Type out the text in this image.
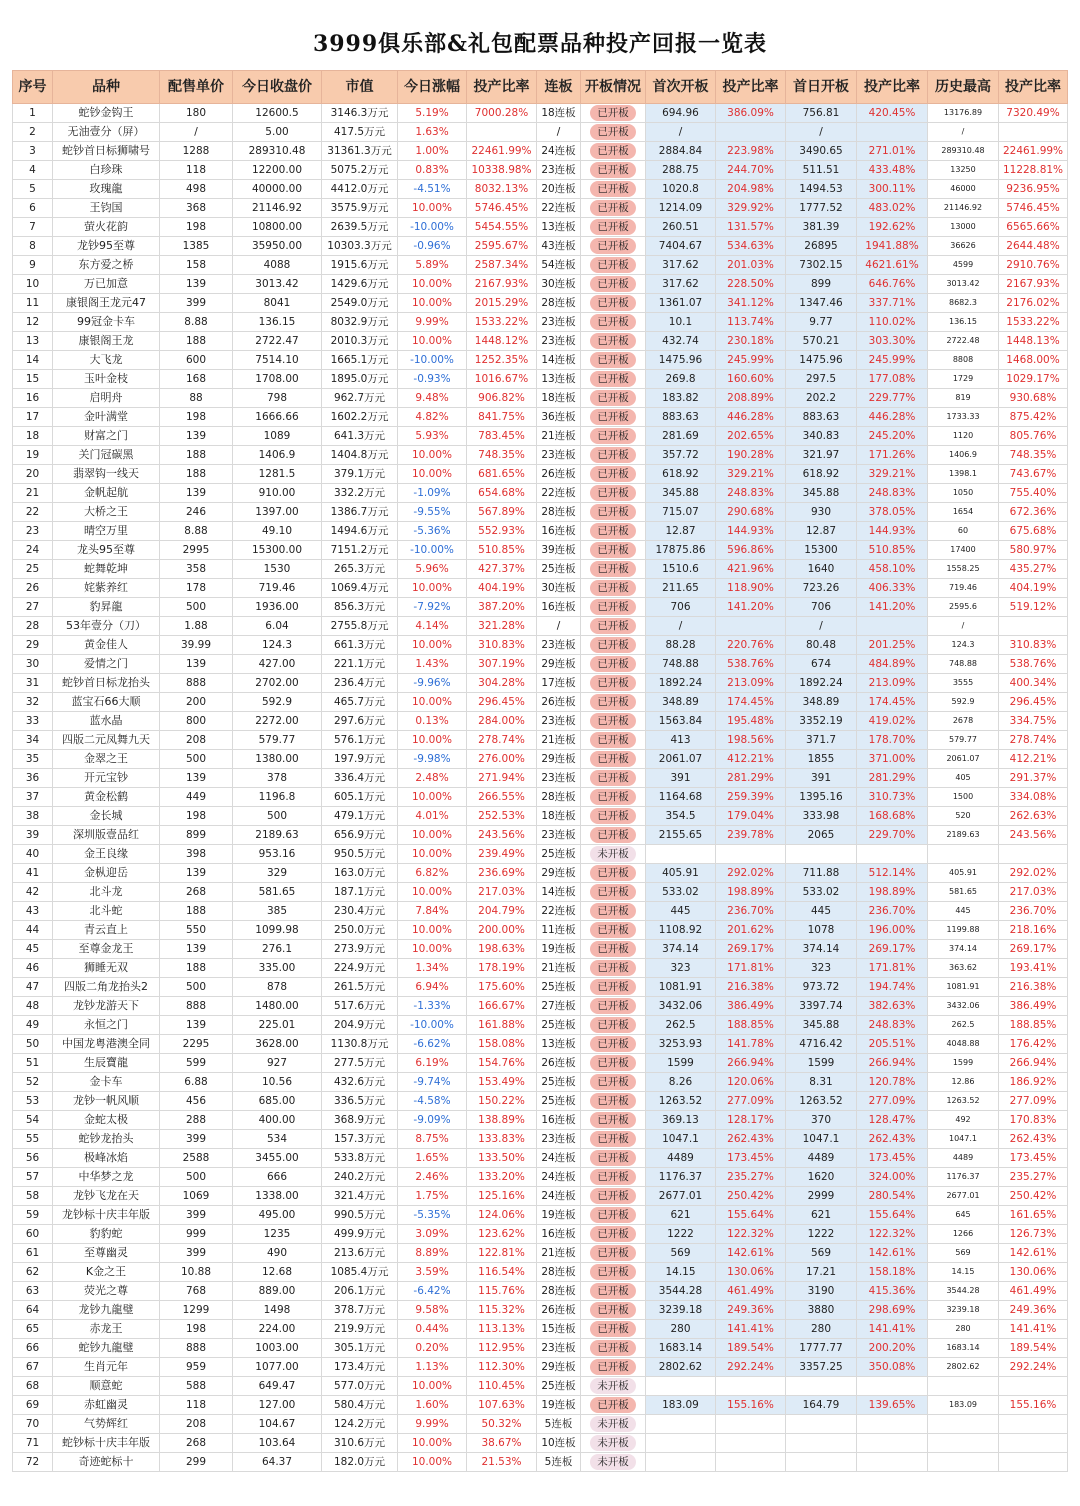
3999俱乐部&礼包配票品种投产回报一览表
序号	品种	配售单价	今日收盘价	市值	今日涨幅	投产比率	连板	开板情况	首次开板	投产比率	首日开板	投产比率	历史最高	投产比率
1	蛇钞金钩王	180	12600.5	3146.3万元	5.19%	7000.28%	18连板	已开板	694.96	386.09%	756.81	420.45%	13176.89	7320.49%
2	无油壹分（屏）	/	5.00	417.5万元	1.63%		/	已开板	/		/		/	
3	蛇钞首日标狮啸号	1288	289310.48	31361.3万元	1.00%	22461.99%	24连板	已开板	2884.84	223.98%	3490.65	271.01%	289310.48	22461.99%
4	白珍珠	118	12200.00	5075.2万元	0.83%	10338.98%	23连板	已开板	288.75	244.70%	511.51	433.48%	13250	11228.81%
5	玫瑰龍	498	40000.00	4412.0万元	-4.51%	8032.13%	20连板	已开板	1020.8	204.98%	1494.53	300.11%	46000	9236.95%
6	王钧国	368	21146.92	3575.9万元	10.00%	5746.45%	22连板	已开板	1214.09	329.92%	1777.52	483.02%	21146.92	5746.45%
7	萤火花韵	198	10800.00	2639.5万元	-10.00%	5454.55%	13连板	已开板	260.51	131.57%	381.39	192.62%	13000	6565.66%
8	龙钞95至尊	1385	35950.00	10303.3万元	-0.96%	2595.67%	43连板	已开板	7404.67	534.63%	26895	1941.88%	36626	2644.48%
9	东方爱之桥	158	4088	1915.6万元	5.89%	2587.34%	54连板	已开板	317.62	201.03%	7302.15	4621.61%	4599	2910.76%
10	万已加意	139	3013.42	1429.6万元	10.00%	2167.93%	30连板	已开板	317.62	228.50%	899	646.76%	3013.42	2167.93%
11	康银阁王龙元47	399	8041	2549.0万元	10.00%	2015.29%	28连板	已开板	1361.07	341.12%	1347.46	337.71%	8682.3	2176.02%
12	99冠金卡车	8.88	136.15	8032.9万元	9.99%	1533.22%	23连板	已开板	10.1	113.74%	9.77	110.02%	136.15	1533.22%
13	康银阁王龙	188	2722.47	2010.3万元	10.00%	1448.12%	23连板	已开板	432.74	230.18%	570.21	303.30%	2722.48	1448.13%
14	大飞龙	600	7514.10	1665.1万元	-10.00%	1252.35%	14连板	已开板	1475.96	245.99%	1475.96	245.99%	8808	1468.00%
15	玉叶金枝	168	1708.00	1895.0万元	-0.93%	1016.67%	13连板	已开板	269.8	160.60%	297.5	177.08%	1729	1029.17%
16	启明舟	88	798	962.7万元	9.48%	906.82%	18连板	已开板	183.82	208.89%	202.2	229.77%	819	930.68%
17	金叶满堂	198	1666.66	1602.2万元	4.82%	841.75%	36连板	已开板	883.63	446.28%	883.63	446.28%	1733.33	875.42%
18	财富之门	139	1089	641.3万元	5.93%	783.45%	21连板	已开板	281.69	202.65%	340.83	245.20%	1120	805.76%
19	关门冠碳黑	188	1406.9	1404.8万元	10.00%	748.35%	23连板	已开板	357.72	190.28%	321.97	171.26%	1406.9	748.35%
20	翡翠钩一线天	188	1281.5	379.1万元	10.00%	681.65%	26连板	已开板	618.92	329.21%	618.92	329.21%	1398.1	743.67%
21	金帆起航	139	910.00	332.2万元	-1.09%	654.68%	22连板	已开板	345.88	248.83%	345.88	248.83%	1050	755.40%
22	大桥之王	246	1397.00	1386.7万元	-9.55%	567.89%	28连板	已开板	715.07	290.68%	930	378.05%	1654	672.36%
23	晴空万里	8.88	49.10	1494.6万元	-5.36%	552.93%	16连板	已开板	12.87	144.93%	12.87	144.93%	60	675.68%
24	龙头95至尊	2995	15300.00	7151.2万元	-10.00%	510.85%	39连板	已开板	17875.86	596.86%	15300	510.85%	17400	580.97%
25	蛇舞乾坤	358	1530	265.3万元	5.96%	427.37%	25连板	已开板	1510.6	421.96%	1640	458.10%	1558.25	435.27%
26	姹紫养红	178	719.46	1069.4万元	10.00%	404.19%	30连板	已开板	211.65	118.90%	723.26	406.33%	719.46	404.19%
27	豹昇龍	500	1936.00	856.3万元	-7.92%	387.20%	16连板	已开板	706	141.20%	706	141.20%	2595.6	519.12%
28	53年壹分（刀）	1.88	6.04	2755.8万元	4.14%	321.28%	/	已开板	/		/		/	
29	黄金佳人	39.99	124.3	661.3万元	10.00%	310.83%	23连板	已开板	88.28	220.76%	80.48	201.25%	124.3	310.83%
30	爱情之门	139	427.00	221.1万元	1.43%	307.19%	29连板	已开板	748.88	538.76%	674	484.89%	748.88	538.76%
31	蛇钞首日标龙抬头	888	2702.00	236.4万元	-9.96%	304.28%	17连板	已开板	1892.24	213.09%	1892.24	213.09%	3555	400.34%
32	蓝宝石66大顺	200	592.9	465.7万元	10.00%	296.45%	26连板	已开板	348.89	174.45%	348.89	174.45%	592.9	296.45%
33	蓝水晶	800	2272.00	297.6万元	0.13%	284.00%	23连板	已开板	1563.84	195.48%	3352.19	419.02%	2678	334.75%
34	四版二元凤舞九天	208	579.77	576.1万元	10.00%	278.74%	21连板	已开板	413	198.56%	371.7	178.70%	579.77	278.74%
35	金翠之王	500	1380.00	197.9万元	-9.98%	276.00%	29连板	已开板	2061.07	412.21%	1855	371.00%	2061.07	412.21%
36	开元宝钞	139	378	336.4万元	2.48%	271.94%	23连板	已开板	391	281.29%	391	281.29%	405	291.37%
37	黄金松鹤	449	1196.8	605.1万元	10.00%	266.55%	28连板	已开板	1164.68	259.39%	1395.16	310.73%	1500	334.08%
38	金长城	198	500	479.1万元	4.01%	252.53%	18连板	已开板	354.5	179.04%	333.98	168.68%	520	262.63%
39	深圳版壹品红	899	2189.63	656.9万元	10.00%	243.56%	23连板	已开板	2155.65	239.78%	2065	229.70%	2189.63	243.56%
40	金王良缘	398	953.16	950.5万元	10.00%	239.49%	25连板	未开板						
41	金枞迎岳	139	329	163.0万元	6.82%	236.69%	29连板	已开板	405.91	292.02%	711.88	512.14%	405.91	292.02%
42	北斗龙	268	581.65	187.1万元	10.00%	217.03%	14连板	已开板	533.02	198.89%	533.02	198.89%	581.65	217.03%
43	北斗蛇	188	385	230.4万元	7.84%	204.79%	22连板	已开板	445	236.70%	445	236.70%	445	236.70%
44	青云直上	550	1099.98	250.0万元	10.00%	200.00%	11连板	已开板	1108.92	201.62%	1078	196.00%	1199.88	218.16%
45	至尊金龙王	139	276.1	273.9万元	10.00%	198.63%	19连板	已开板	374.14	269.17%	374.14	269.17%	374.14	269.17%
46	狮睡无双	188	335.00	224.9万元	1.34%	178.19%	21连板	已开板	323	171.81%	323	171.81%	363.62	193.41%
47	四版二角龙抬头2	500	878	261.5万元	6.94%	175.60%	25连板	已开板	1081.91	216.38%	973.72	194.74%	1081.91	216.38%
48	龙钞龙游天下	888	1480.00	517.6万元	-1.33%	166.67%	27连板	已开板	3432.06	386.49%	3397.74	382.63%	3432.06	386.49%
49	永恒之门	139	225.01	204.9万元	-10.00%	161.88%	25连板	已开板	262.5	188.85%	345.88	248.83%	262.5	188.85%
50	中国龙粤港澳全同	2295	3628.00	1130.8万元	-6.62%	158.08%	13连板	已开板	3253.93	141.78%	4716.42	205.51%	4048.88	176.42%
51	生辰寶龍	599	927	277.5万元	6.19%	154.76%	26连板	已开板	1599	266.94%	1599	266.94%	1599	266.94%
52	金卡车	6.88	10.56	432.6万元	-9.74%	153.49%	25连板	已开板	8.26	120.06%	8.31	120.78%	12.86	186.92%
53	龙钞一帆风顺	456	685.00	336.5万元	-4.58%	150.22%	25连板	已开板	1263.52	277.09%	1263.52	277.09%	1263.52	277.09%
54	金蛇太极	288	400.00	368.9万元	-9.09%	138.89%	16连板	已开板	369.13	128.17%	370	128.47%	492	170.83%
55	蛇钞龙抬头	399	534	157.3万元	8.75%	133.83%	23连板	已开板	1047.1	262.43%	1047.1	262.43%	1047.1	262.43%
56	极峰冰焰	2588	3455.00	533.8万元	1.65%	133.50%	24连板	已开板	4489	173.45%	4489	173.45%	4489	173.45%
57	中华梦之龙	500	666	240.2万元	2.46%	133.20%	24连板	已开板	1176.37	235.27%	1620	324.00%	1176.37	235.27%
58	龙钞飞龙在天	1069	1338.00	321.4万元	1.75%	125.16%	24连板	已开板	2677.01	250.42%	2999	280.54%	2677.01	250.42%
59	龙钞标十庆丰年版	399	495.00	990.5万元	-5.35%	124.06%	19连板	已开板	621	155.64%	621	155.64%	645	161.65%
60	豹豹蛇	999	1235	499.9万元	3.09%	123.62%	16连板	已开板	1222	122.32%	1222	122.32%	1266	126.73%
61	至尊幽灵	399	490	213.6万元	8.89%	122.81%	21连板	已开板	569	142.61%	569	142.61%	569	142.61%
62	K金之王	10.88	12.68	1085.4万元	3.59%	116.54%	28连板	已开板	14.15	130.06%	17.21	158.18%	14.15	130.06%
63	荧光之尊	768	889.00	206.1万元	-6.42%	115.76%	28连板	已开板	3544.28	461.49%	3190	415.36%	3544.28	461.49%
64	龙钞九龍璧	1299	1498	378.7万元	9.58%	115.32%	26连板	已开板	3239.18	249.36%	3880	298.69%	3239.18	249.36%
65	赤龙王	198	224.00	219.9万元	0.44%	113.13%	15连板	已开板	280	141.41%	280	141.41%	280	141.41%
66	蛇钞九龍璧	888	1003.00	305.1万元	0.20%	112.95%	23连板	已开板	1683.14	189.54%	1777.77	200.20%	1683.14	189.54%
67	生肖元年	959	1077.00	173.4万元	1.13%	112.30%	29连板	已开板	2802.62	292.24%	3357.25	350.08%	2802.62	292.24%
68	顺意蛇	588	649.47	577.0万元	10.00%	110.45%	25连板	未开板						
69	赤虹幽灵	118	127.00	580.4万元	1.60%	107.63%	19连板	已开板	183.09	155.16%	164.79	139.65%	183.09	155.16%
70	气势辉红	208	104.67	124.2万元	9.99%	50.32%	5连板	未开板						
71	蛇钞标十庆丰年版	268	103.64	310.6万元	10.00%	38.67%	10连板	未开板						
72	奇迹蛇标十	299	64.37	182.0万元	10.00%	21.53%	5连板	未开板						
